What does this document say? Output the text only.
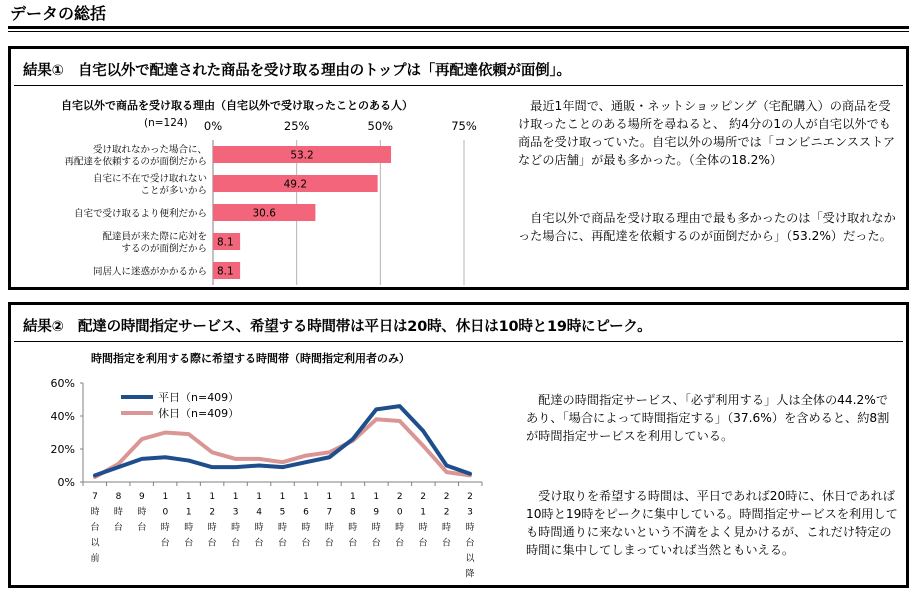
データの総括
結果①　自宅以外で配達された商品を受け取る理由のトップは「再配達依頼が面倒」。
自宅以外で商品を受け取る理由（自宅以外で受け取ったことのある人）
(n=124) 0%	25%	50%	75%
53.2
受け取れなかった場合に、
再配達を依頼するのが面倒だから
49.2
自宅に不在で受け取れない
ことが多いから
30.6
自宅で受け取るより便利だから
8.1
配達員が来た際に応対を
するのが面倒だから
8.1
同居人に迷惑がかかるから
　最近1年間で、通販・ネットショッピング（宅配購入）の商品を受け取ったことのある場所を尋ねると、 約4分の1の人が自宅以外でも商品を受け取っていた。自宅以外の場所では「コンビニエンスストアなどの店舗」が最も多かった。（全体の18.2%）
　自宅以外で商品を受け取る理由で最も多かったのは「受け取れなかった場合に、再配達を依頼するのが面倒だから」（53.2%）だった。
結果②　配達の時間指定サービス、希望する時間帯は平日は20時、休日は10時と19時にピーク。
時間指定を利用する際に希望する時間帯（時間指定利用者のみ）
0%
20%
40%
60%
7
時
台
以
前
8
時
台
9
時
台
1
0
時
台
1
1
時
台
1
2
時
台
1
3
時
台
1
4
時
台
1
5
時
台
1
6
時
台
1
7
時
台
1
8
時
台
1
9
時
台
2
0
時
台
2
1
時
台
2
2
時
台
2
3
時
台
以
降
平日（n=409）
休日（n=409）
　配達の時間指定サービス、「必ず利用する」人は全体の44.2%であり、「場合によって時間指定する」（37.6%）を含めると、約8割が時間指定サービスを利用している。
　受け取りを希望する時間は、平日であれば20時に、休日であれば10時と19時をピークに集中している。時間指定サービスを利用しても時間通りに来ないという不満をよく見かけるが、これだけ特定の時間に集中してしまっていれば当然ともいえる。
